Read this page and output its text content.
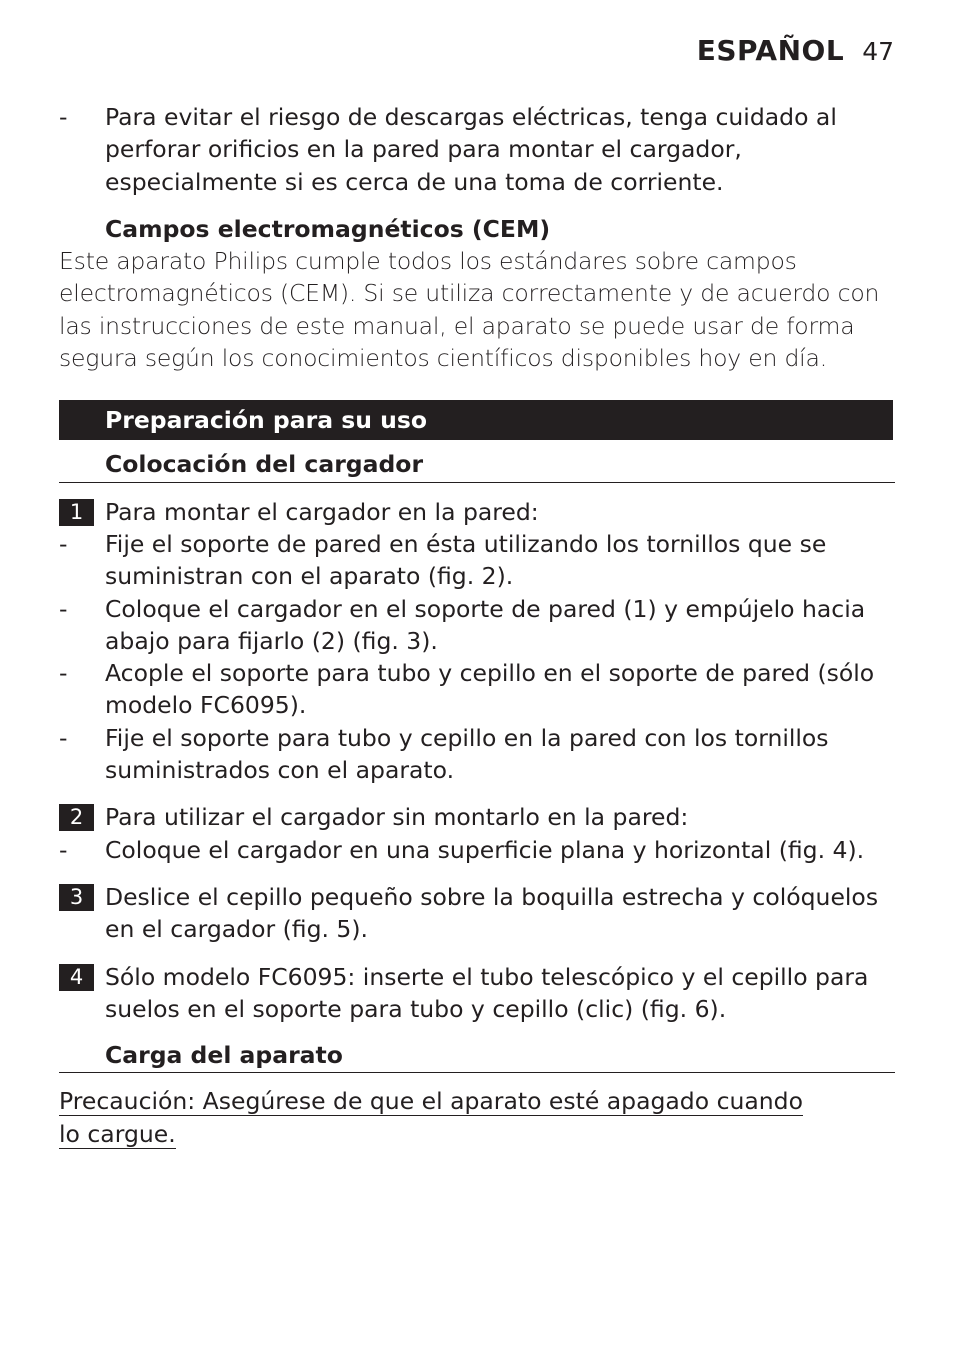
ESPAÑOL 47
- Para evitar el riesgo de descargas eléctricas, tenga cuidado al perforar orificios en la pared para montar el cargador, especialmente si es cerca de una toma de corriente.
Campos electromagnéticos (CEM)

Este aparato Philips cumple todos los estándares sobre campos electromagnéticos (CEM). Si se utiliza correctamente y de acuerdo con las instrucciones de este manual, el aparato se puede usar de forma segura según los conocimientos científicos disponibles hoy en día.

Preparación para su uso
Colocación del cargador
1 Para montar el cargador en la pared:
- Fije el soporte de pared en ésta utilizando los tornillos que se suministran con el aparato (fig. 2).
- Coloque el cargador en el soporte de pared (1) y empújelo hacia abajo para fijarlo (2) (fig. 3).
- Acople el soporte para tubo y cepillo en el soporte de pared (sólo modelo FC6095).
- Fije el soporte para tubo y cepillo en la pared con los tornillos suministrados con el aparato.
2 Para utilizar el cargador sin montarlo en la pared:
- Coloque el cargador en una superficie plana y horizontal (fig. 4).
3 Deslice el cepillo pequeño sobre la boquilla estrecha y colóquelos en el cargador (fig. 5).
4 Sólo modelo FC6095: inserte el tubo telescópico y el cepillo para suelos en el soporte para tubo y cepillo (clic) (fig. 6).
Carga del aparato
Precaución: Asegúrese de que el aparato esté apagado cuando lo cargue.
